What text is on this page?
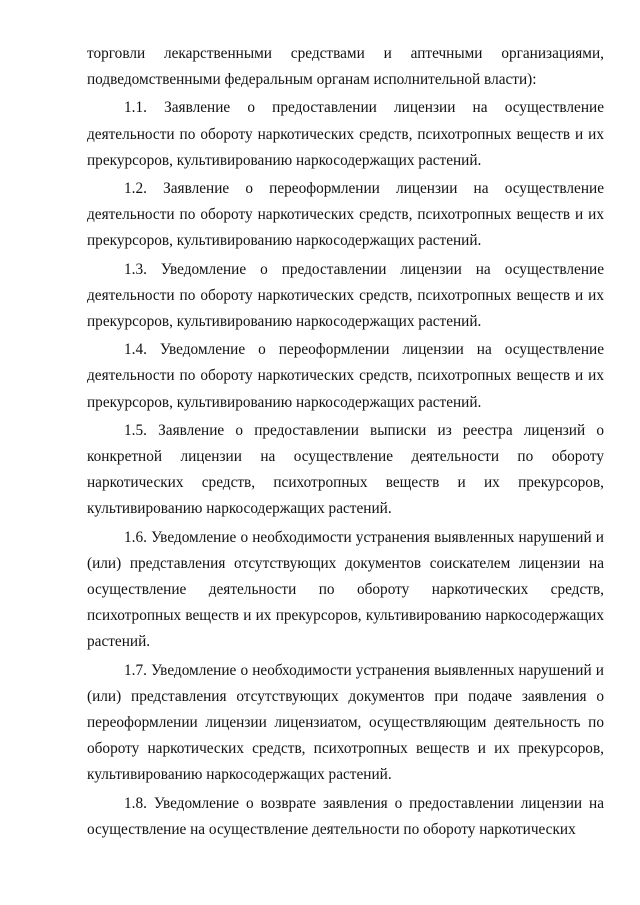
торговли лекарственными средствами и аптечными организациями, подведомственными федеральным органам исполнительной власти):

1.1. Заявление о предоставлении лицензии на осуществление деятельности по обороту наркотических средств, психотропных веществ и их прекурсоров, культивированию наркосодержащих растений.

1.2. Заявление о переоформлении лицензии на осуществление деятельности по обороту наркотических средств, психотропных веществ и их прекурсоров, культивированию наркосодержащих растений.

1.3. Уведомление о предоставлении лицензии на осуществление деятельности по обороту наркотических средств, психотропных веществ и их прекурсоров, культивированию наркосодержащих растений.

1.4. Уведомление о переоформлении лицензии на осуществление деятельности по обороту наркотических средств, психотропных веществ и их прекурсоров, культивированию наркосодержащих растений.

1.5. Заявление о предоставлении выписки из реестра лицензий о конкретной лицензии на осуществление деятельности по обороту наркотических средств, психотропных веществ и их прекурсоров, культивированию наркосодержащих растений.

1.6. Уведомление о необходимости устранения выявленных нарушений и (или) представления отсутствующих документов соискателем лицензии на осуществление деятельности по обороту наркотических средств, психотропных веществ и их прекурсоров, культивированию наркосодержащих растений.

1.7. Уведомление о необходимости устранения выявленных нарушений и (или) представления отсутствующих документов при подаче заявления о переоформлении лицензии лицензиатом, осуществляющим деятельность по обороту наркотических средств, психотропных веществ и их прекурсоров, культивированию наркосодержащих растений.

1.8. Уведомление о возврате заявления о предоставлении лицензии на осуществление на осуществление деятельности по обороту наркотических
